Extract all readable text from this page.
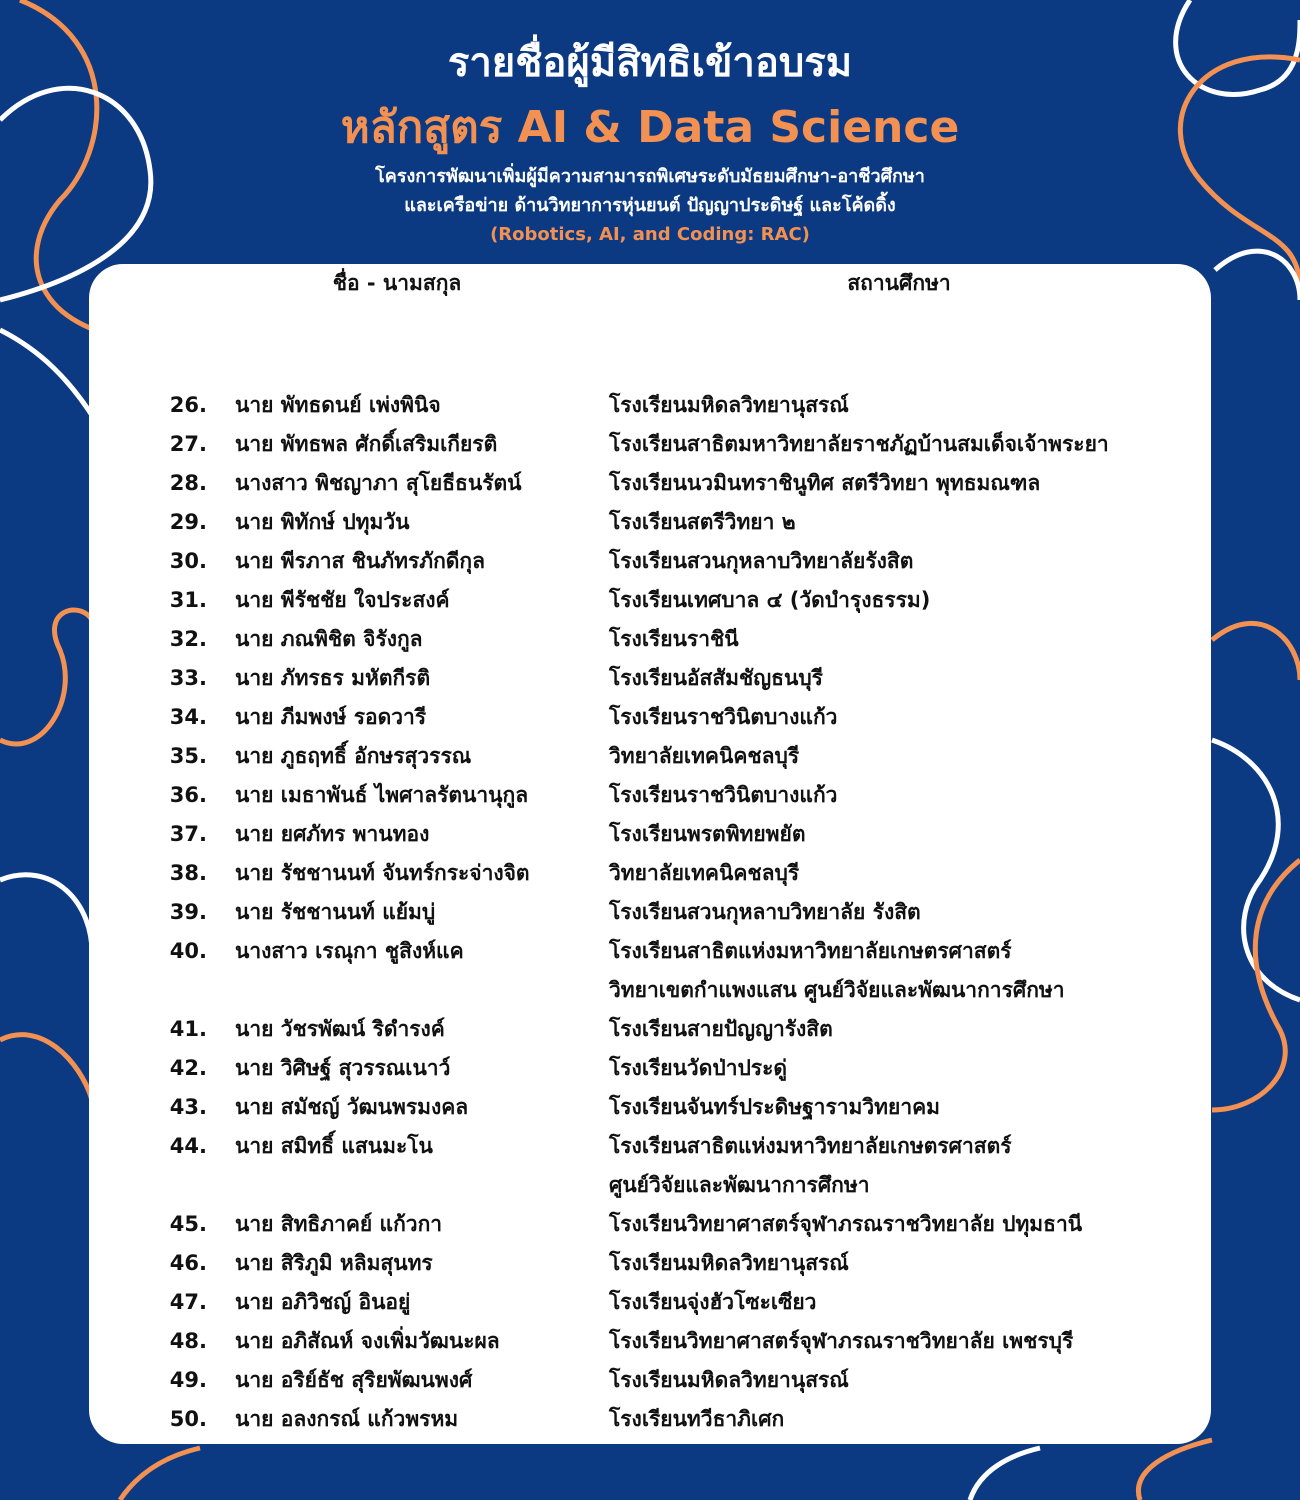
รายชื่อผู้มีสิทธิเข้าอบรม
หลักสูตร AI & Data Science
โครงการพัฒนาเพิ่มผู้มีความสามารถพิเศษระดับมัธยมศึกษา-อาชีวศึกษา
และเครือข่าย ด้านวิทยาการหุ่นยนต์ ปัญญาประดิษฐ์ และโค้ดดิ้ง
(Robotics, AI, and Coding: RAC)
ชื่อ - นามสกุล	สถานศึกษา
26. นาย พัทธดนย์ เพ่งพินิจ	โรงเรียนมหิดลวิทยานุสรณ์
27. นาย พัทธพล ศักดิ์เสริมเกียรติ	โรงเรียนสาธิตมหาวิทยาลัยราชภัฏบ้านสมเด็จเจ้าพระยา
28. นางสาว พิชญาภา สุโยธีธนรัตน์	โรงเรียนนวมินทราชินูทิศ สตรีวิทยา พุทธมณฑล
29. นาย พิทักษ์ ปทุมวัน	โรงเรียนสตรีวิทยา ๒
30. นาย พีรภาส ชินภัทรภักดีกุล	โรงเรียนสวนกุหลาบวิทยาลัยรังสิต
31. นาย พีรัชชัย ใจประสงค์	โรงเรียนเทศบาล ๔ (วัดบำรุงธรรม)
32. นาย ภณพิชิต จิรังกูล	โรงเรียนราชินี
33. นาย ภัทรธร มหัตกีรติ	โรงเรียนอัสสัมชัญธนบุรี
34. นาย ภีมพงษ์ รอดวารี	โรงเรียนราชวินิตบางแก้ว
35. นาย ภูธฤทธิ์ อักษรสุวรรณ	วิทยาลัยเทคนิคชลบุรี
36. นาย เมธาพันธ์ ไพศาลรัตนานุกูล	โรงเรียนราชวินิตบางแก้ว
37. นาย ยศภัทร พานทอง	โรงเรียนพรตพิทยพยัต
38. นาย รัชชานนท์ จันทร์กระจ่างจิต	วิทยาลัยเทคนิคชลบุรี
39. นาย รัชชานนท์ แย้มบู่	โรงเรียนสวนกุหลาบวิทยาลัย รังสิต
40. นางสาว เรณุกา ชูสิงห์แค	โรงเรียนสาธิตแห่งมหาวิทยาลัยเกษตรศาสตร์
วิทยาเขตกำแพงแสน ศูนย์วิจัยและพัฒนาการศึกษา
41. นาย วัชรพัฒน์ ริดำรงค์	โรงเรียนสายปัญญารังสิต
42. นาย วิศิษฐ์ สุวรรณเนาว์	โรงเรียนวัดป่าประดู่
43. นาย สมัชญ์ วัฒนพรมงคล	โรงเรียนจันทร์ประดิษฐารามวิทยาคม
44. นาย สมิทธิ์ แสนมะโน	โรงเรียนสาธิตแห่งมหาวิทยาลัยเกษตรศาสตร์
ศูนย์วิจัยและพัฒนาการศึกษา
45. นาย สิทธิภาคย์ แก้วกา	โรงเรียนวิทยาศาสตร์จุฬาภรณราชวิทยาลัย ปทุมธานี
46. นาย สิริภูมิ หลิมสุนทร	โรงเรียนมหิดลวิทยานุสรณ์
47. นาย อภิวิชญ์ อินอยู่	โรงเรียนจุ่งฮัวโซะเซียว
48. นาย อภิสัณห์ จงเพิ่มวัฒนะผล	โรงเรียนวิทยาศาสตร์จุฬาภรณราชวิทยาลัย เพชรบุรี
49. นาย อริย์ธัช สุริยพัฒนพงศ์	โรงเรียนมหิดลวิทยานุสรณ์
50. นาย อลงกรณ์ แก้วพรหม	โรงเรียนทวีธาภิเศก
